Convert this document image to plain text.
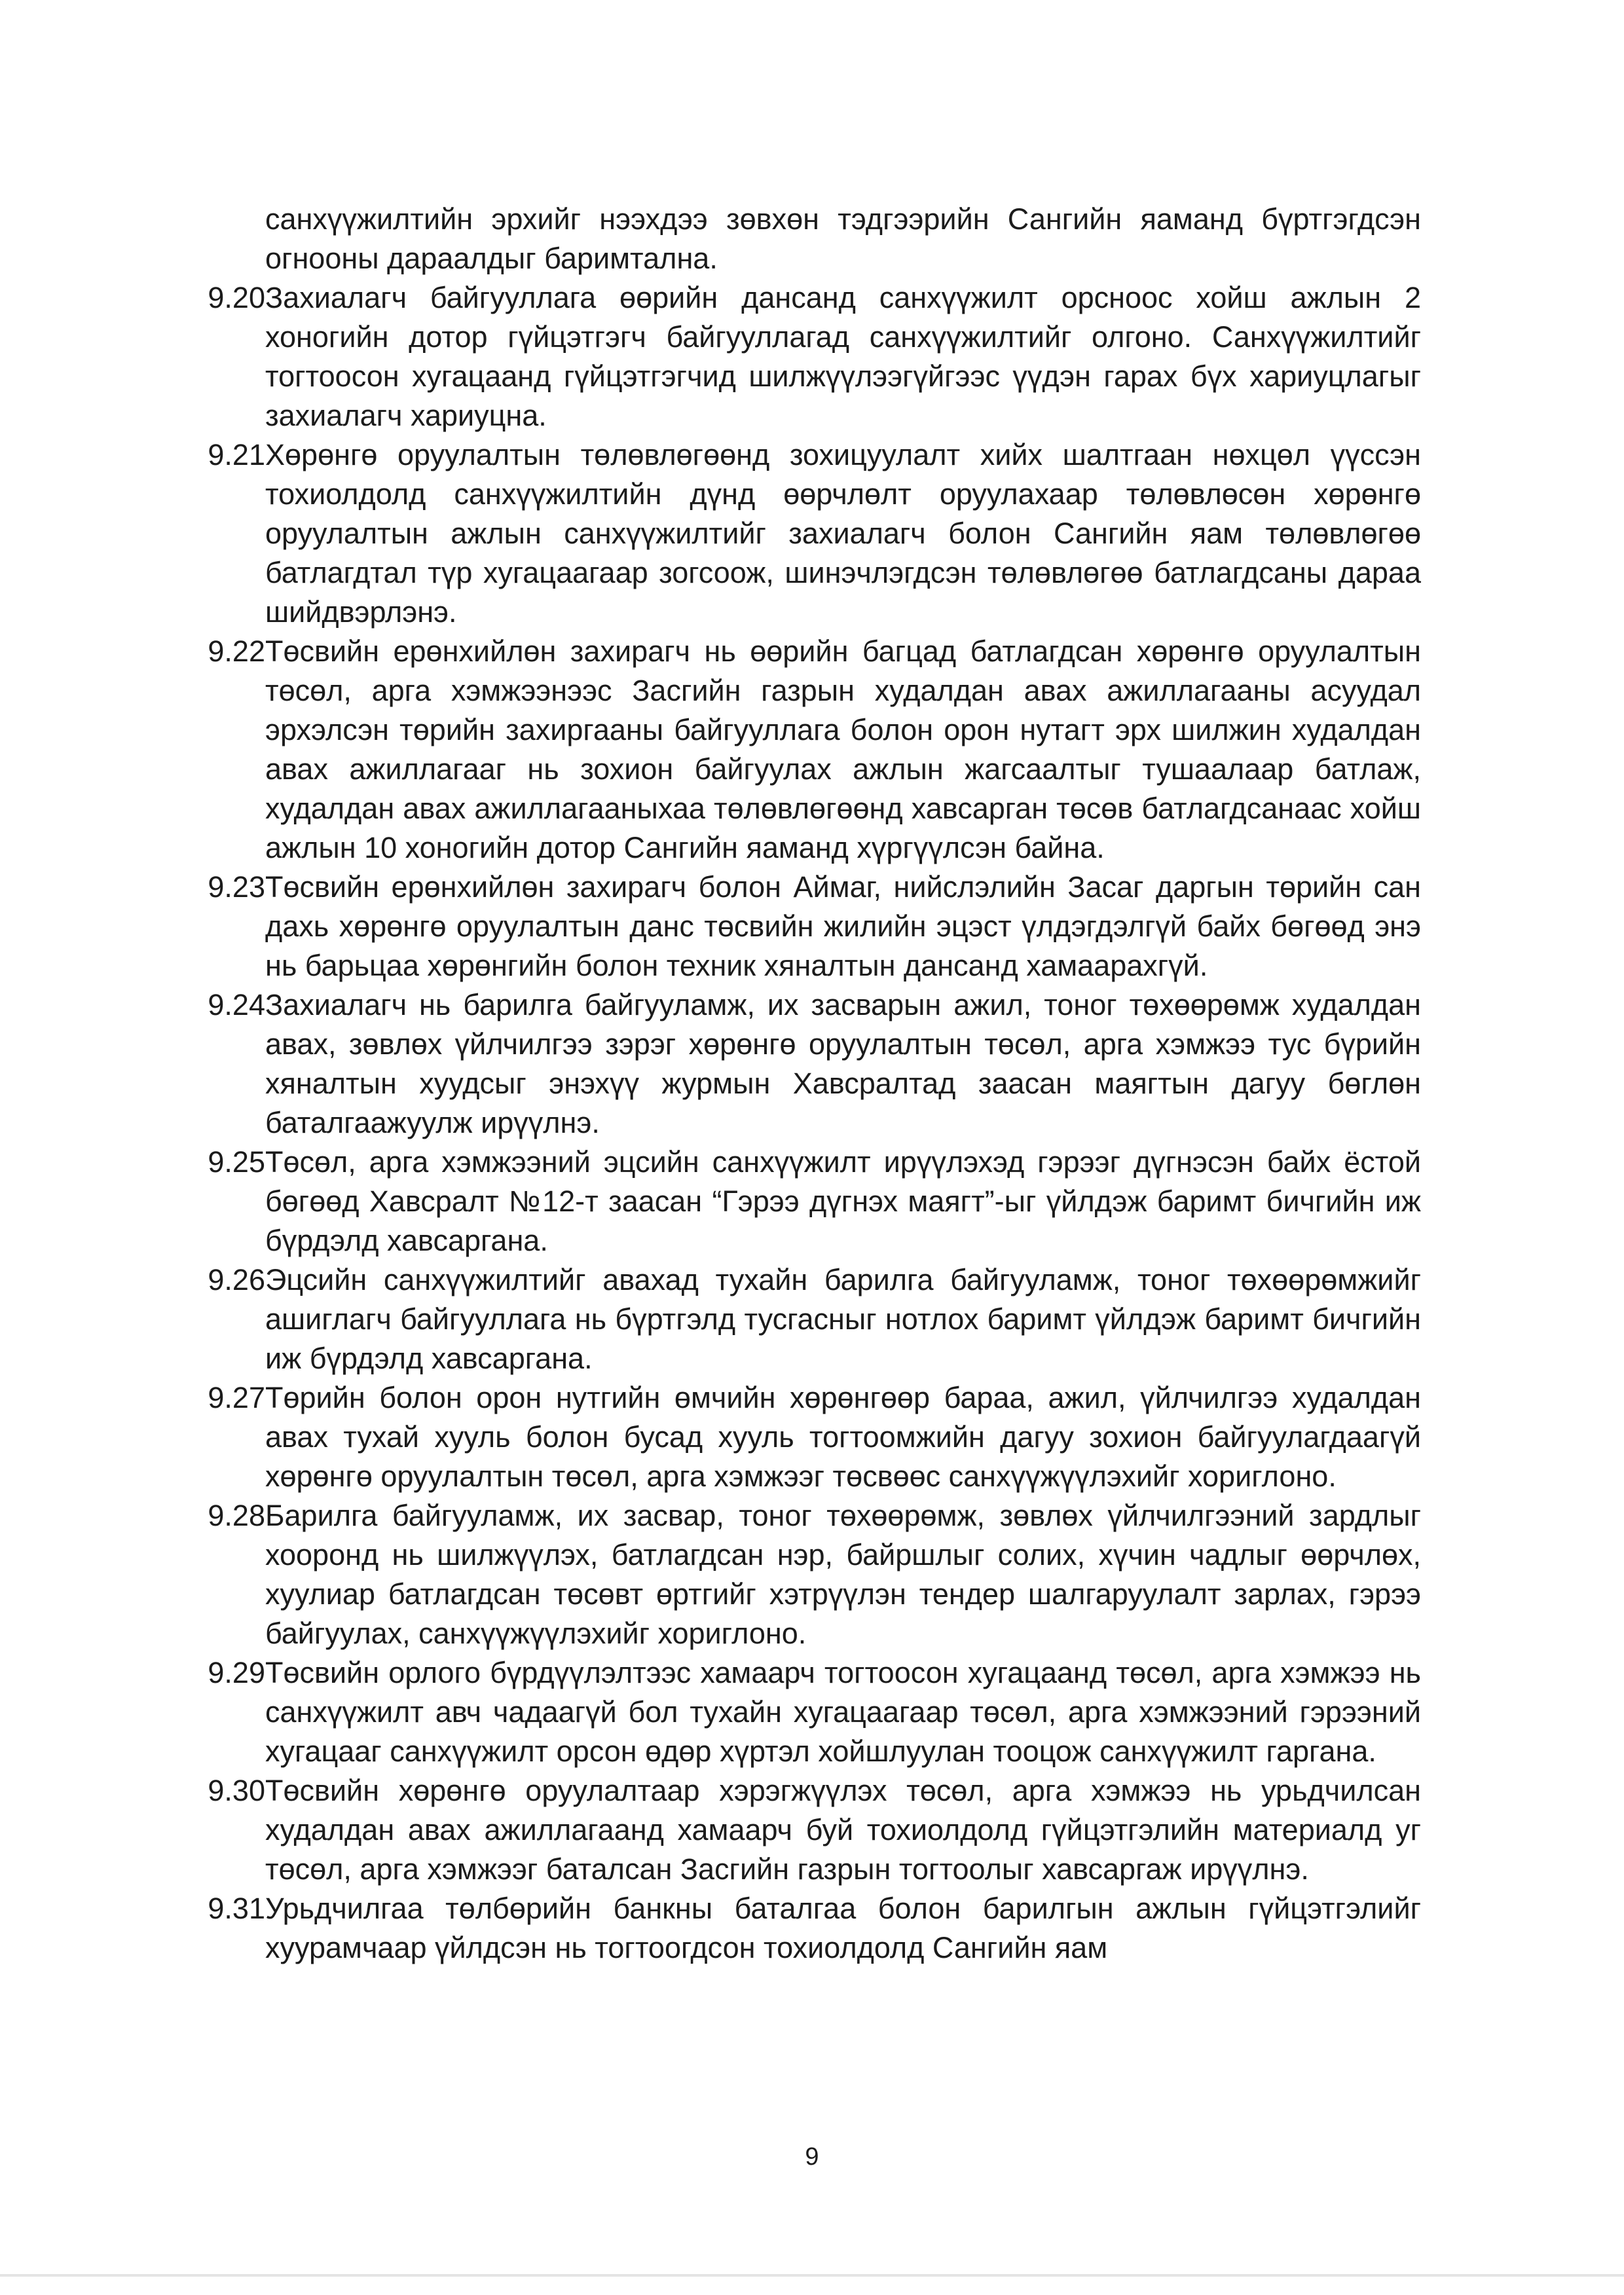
санхүүжилтийн эрхийг нээхдээ зөвхөн тэдгээрийн Сангийн яаманд бүртгэгдсэн огнооны дараалдыг баримтална.
9.20 Захиалагч байгууллага өөрийн дансанд санхүүжилт орсноос хойш ажлын 2 хоногийн дотор гүйцэтгэгч байгууллагад санхүүжилтийг олгоно. Санхүүжилтийг тогтоосон хугацаанд гүйцэтгэгчид шилжүүлээгүйгээс үүдэн гарах бүх хариуцлагыг захиалагч хариуцна.
9.21 Хөрөнгө оруулалтын төлөвлөгөөнд зохицуулалт хийх шалтгаан нөхцөл үүссэн тохиолдолд санхүүжилтийн дүнд өөрчлөлт оруулахаар төлөвлөсөн хөрөнгө оруулалтын ажлын санхүүжилтийг захиалагч болон Сангийн яам төлөвлөгөө батлагдтал түр хугацаагаар зогсоож, шинэчлэгдсэн төлөвлөгөө батлагдсаны дараа шийдвэрлэнэ.
9.22 Төсвийн ерөнхийлөн захирагч нь өөрийн багцад батлагдсан хөрөнгө оруулалтын төсөл, арга хэмжээнээс Засгийн газрын худалдан авах ажиллагааны асуудал эрхэлсэн төрийн захиргааны байгууллага болон орон нутагт эрх шилжин худалдан авах ажиллагааг нь зохион байгуулах ажлын жагсаалтыг тушаалаар батлаж, худалдан авах ажиллагааныхаа төлөвлөгөөнд хавсарган төсөв батлагдсанаас хойш ажлын 10 хоногийн дотор Сангийн яаманд хүргүүлсэн байна.
9.23 Төсвийн ерөнхийлөн захирагч болон Аймаг, нийслэлийн Засаг даргын төрийн сан дахь хөрөнгө оруулалтын данс төсвийн жилийн эцэст үлдэгдэлгүй байх бөгөөд энэ нь барьцаа хөрөнгийн болон техник хяналтын дансанд хамаарахгүй.
9.24 Захиалагч нь барилга байгууламж, их засварын ажил, тоног төхөөрөмж худалдан авах, зөвлөх үйлчилгээ зэрэг хөрөнгө оруулалтын төсөл, арга хэмжээ тус бүрийн хяналтын хуудсыг энэхүү журмын Хавсралтад заасан маягтын дагуу бөглөн баталгаажуулж ирүүлнэ.
9.25 Төсөл, арга хэмжээний эцсийн санхүүжилт ирүүлэхэд гэрээг дүгнэсэн байх ёстой бөгөөд Хавсралт №12-т заасан “Гэрээ дүгнэх маягт”-ыг үйлдэж баримт бичгийн иж бүрдэлд хавсаргана.
9.26 Эцсийн санхүүжилтийг авахад тухайн барилга байгууламж, тоног төхөөрөмжийг ашиглагч байгууллага нь бүртгэлд тусгасныг нотлох баримт үйлдэж баримт бичгийн иж бүрдэлд хавсаргана.
9.27 Төрийн болон орон нутгийн өмчийн хөрөнгөөр бараа, ажил, үйлчилгээ худалдан авах тухай хууль болон бусад хууль тогтоомжийн дагуу зохион байгуулагдаагүй хөрөнгө оруулалтын төсөл, арга хэмжээг төсвөөс санхүүжүүлэхийг хориглоно.
9.28 Барилга байгууламж, их засвар, тоног төхөөрөмж, зөвлөх үйлчилгээний зардлыг хооронд нь шилжүүлэх, батлагдсан нэр, байршлыг солих, хүчин чадлыг өөрчлөх, хуулиар батлагдсан төсөвт өртгийг хэтрүүлэн тендер шалгаруулалт зарлах, гэрээ байгуулах, санхүүжүүлэхийг хориглоно.
9.29 Төсвийн орлого бүрдүүлэлтээс хамаарч тогтоосон хугацаанд төсөл, арга хэмжээ нь санхүүжилт авч чадаагүй бол тухайн хугацаагаар төсөл, арга хэмжээний гэрээний хугацааг санхүүжилт орсон өдөр хүртэл хойшлуулан тооцож санхүүжилт гаргана.
9.30 Төсвийн хөрөнгө оруулалтаар хэрэгжүүлэх төсөл, арга хэмжээ нь урьдчилсан худалдан авах ажиллагаанд хамаарч буй тохиолдолд гүйцэтгэлийн материалд уг төсөл, арга хэмжээг баталсан Засгийн газрын тогтоолыг хавсаргаж ирүүлнэ.
9.31 Урьдчилгаа төлбөрийн банкны баталгаа болон барилгын ажлын гүйцэтгэлийг хуурамчаар үйлдсэн нь тогтоогдсон тохиолдолд Сангийн яам
9
